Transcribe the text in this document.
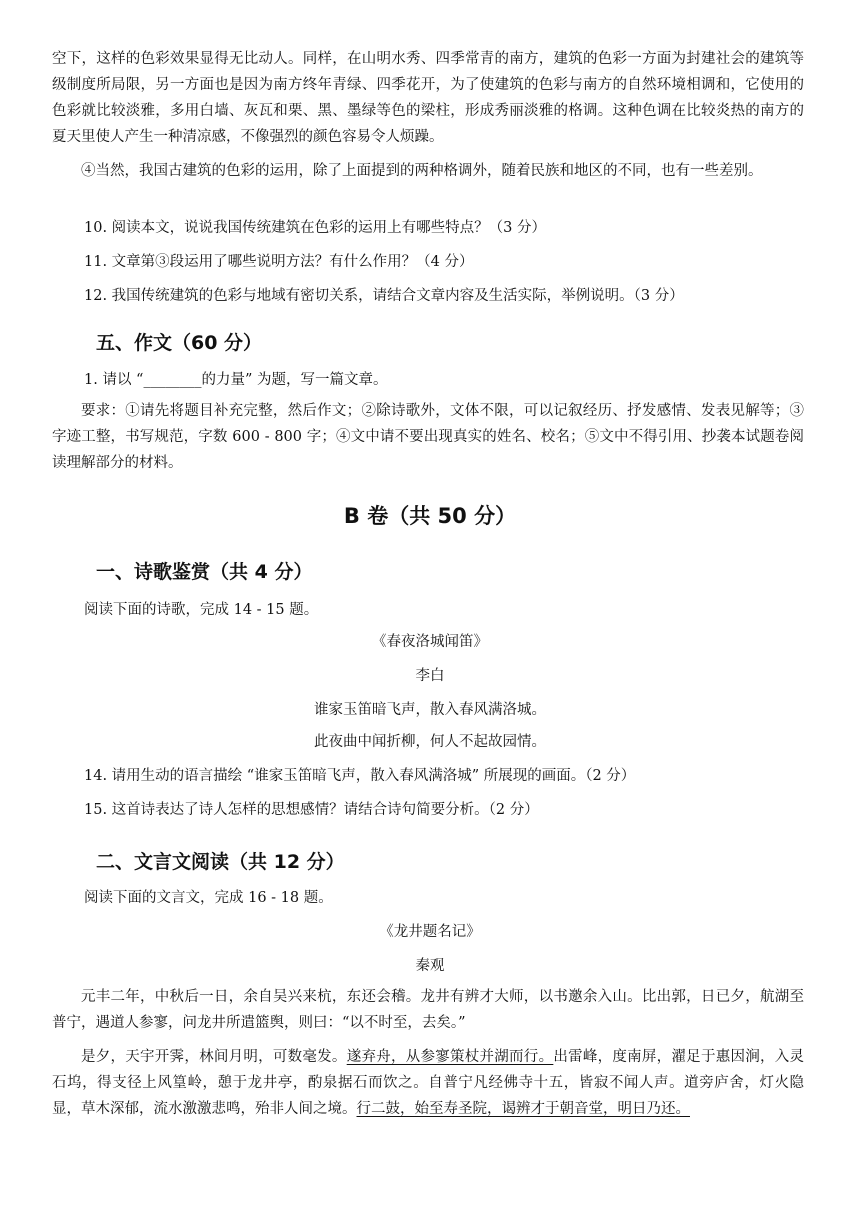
空下，这样的色彩效果显得无比动人。同样，在山明水秀、四季常青的南方，建筑的色彩一方面为封建社会的建筑等级制度所局限，另一方面也是因为南方终年青绿、四季花开，为了使建筑的色彩与南方的自然环境相调和，它使用的色彩就比较淡雅，多用白墙、灰瓦和栗、黑、墨绿等色的梁柱，形成秀丽淡雅的格调。这种色调在比较炎热的南方的夏天里使人产生一种清凉感，不像强烈的颜色容易令人烦躁。
④当然，我国古建筑的色彩的运用，除了上面提到的两种格调外，随着民族和地区的不同，也有一些差别。
10. 阅读本文，说说我国传统建筑在色彩的运用上有哪些特点？（3 分）
11. 文章第③段运用了哪些说明方法？有什么作用？（4 分）
12. 我国传统建筑的色彩与地域有密切关系，请结合文章内容及生活实际，举例说明。（3 分）
五、作文（60 分）
1. 请以 “________的力量” 为题，写一篇文章。
要求：①请先将题目补充完整，然后作文；②除诗歌外，文体不限，可以记叙经历、抒发感情、发表见解等；③字迹工整，书写规范，字数 600 - 800 字；④文中请不要出现真实的姓名、校名；⑤文中不得引用、抄袭本试题卷阅读理解部分的材料。
B 卷（共 50 分）
一、诗歌鉴赏（共 4 分）
阅读下面的诗歌，完成 14 - 15 题。
《春夜洛城闻笛》
李白
谁家玉笛暗飞声，散入春风满洛城。
此夜曲中闻折柳，何人不起故园情。
14. 请用生动的语言描绘 “谁家玉笛暗飞声，散入春风满洛城” 所展现的画面。（2 分）
15. 这首诗表达了诗人怎样的思想感情？请结合诗句简要分析。（2 分）
二、文言文阅读（共 12 分）
阅读下面的文言文，完成 16 - 18 题。
《龙井题名记》
秦观
元丰二年，中秋后一日，余自吴兴来杭，东还会稽。龙井有辨才大师，以书邀余入山。比出郭，日已夕，航湖至普宁，遇道人参寥，问龙井所遣篮舆，则曰：“以不时至，去矣。”
是夕，天宇开霁，林间月明，可数毫发。遂弃舟，从参寥策杖并湖而行。出雷峰，度南屏，濯足于惠因涧，入灵石坞，得支径上风篁岭，憩于龙井亭，酌泉据石而饮之。自普宁凡经佛寺十五，皆寂不闻人声。道旁庐舍，灯火隐显，草木深郁，流水激激悲鸣，殆非人间之境。行二鼓，始至寿圣院，谒辨才于朝音堂，明日乃还。
